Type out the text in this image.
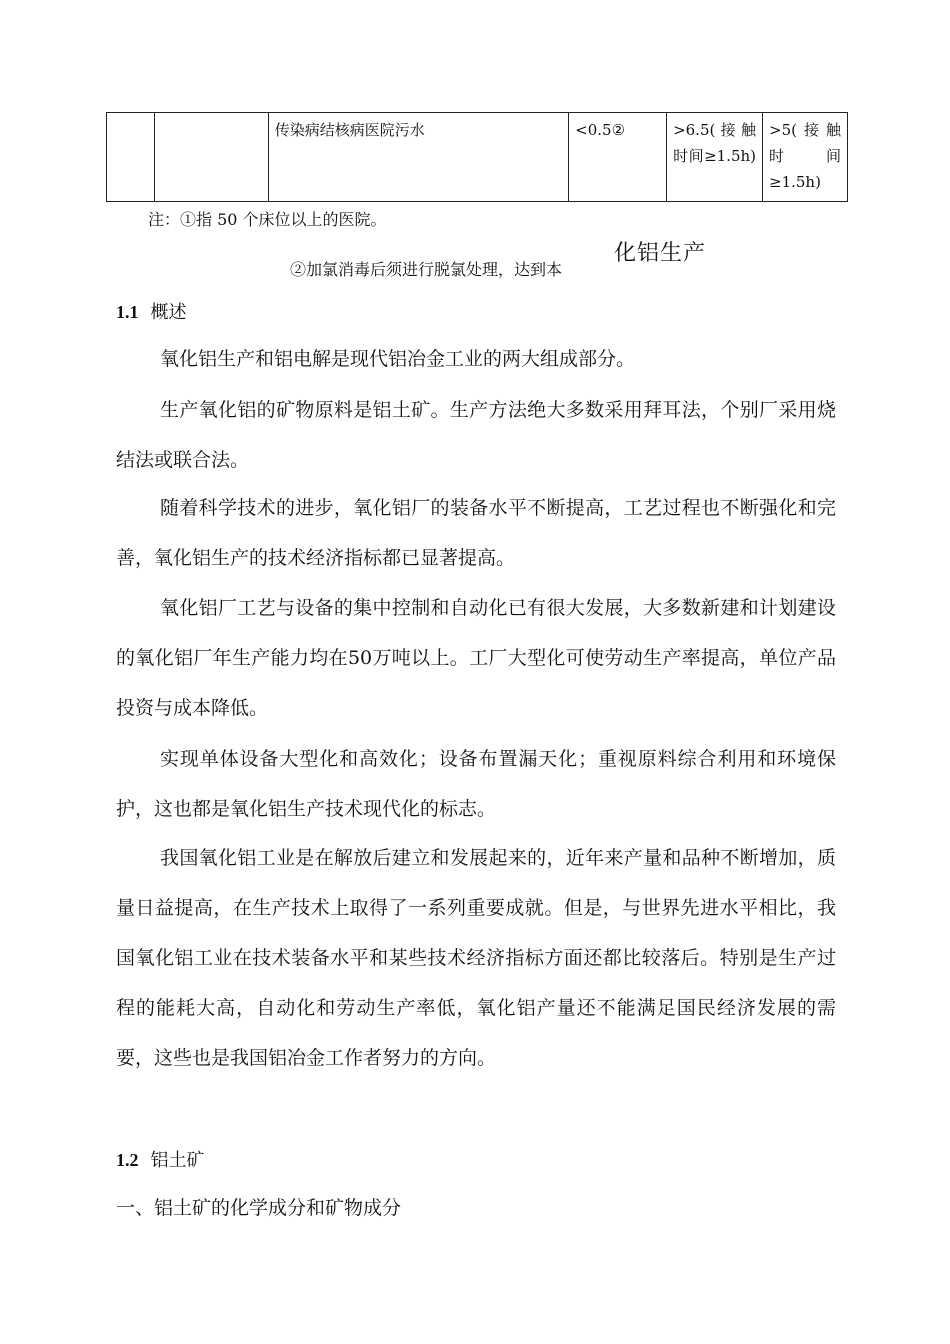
		传染病结核病医院污水	<0.5②	>6.5(接触时间≥1.5h)	>5(接触时间≥1.5h)
注：①指 50 个床位以上的医院。
②加氯消毒后须进行脱氯处理，达到本
化铝生产
1.1 概述

氧化铝生产和铝电解是现代铝冶金工业的两大组成部分。

生产氧化铝的矿物原料是铝土矿。生产方法绝大多数采用拜耳法，个别厂采用烧结法或联合法。

随着科学技术的进步，氧化铝厂的装备水平不断提高，工艺过程也不断强化和完善，氧化铝生产的技术经济指标都已显著提高。

氧化铝厂工艺与设备的集中控制和自动化已有很大发展，大多数新建和计划建设的氧化铝厂年生产能力均在50万吨以上。工厂大型化可使劳动生产率提高，单位产品投资与成本降低。

实现单体设备大型化和高效化；设备布置漏天化；重视原料综合利用和环境保护，这也都是氧化铝生产技术现代化的标志。

我国氧化铝工业是在解放后建立和发展起来的，近年来产量和品种不断增加，质量日益提高，在生产技术上取得了一系列重要成就。但是，与世界先进水平相比，我国氧化铝工业在技术装备水平和某些技术经济指标方面还都比较落后。特别是生产过程的能耗大高，自动化和劳动生产率低，氧化铝产量还不能满足国民经济发展的需要，这些也是我国铝冶金工作者努力的方向。

1.2 铝土矿
一、铝土矿的化学成分和矿物成分
